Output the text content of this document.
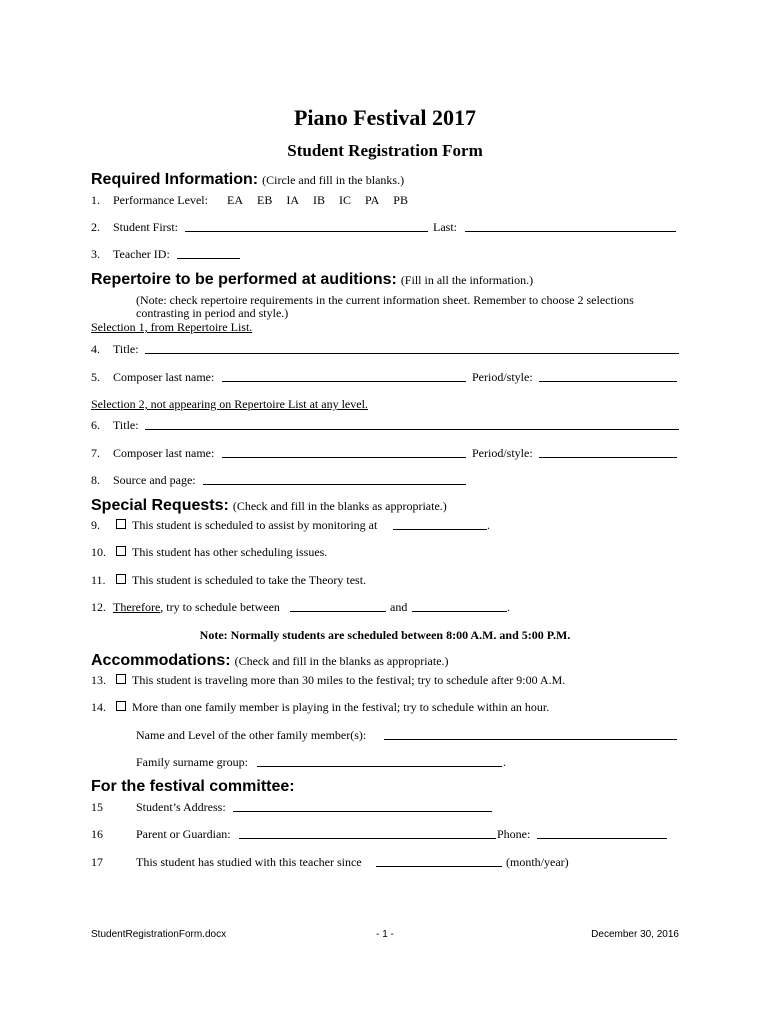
Piano Festival 2017
Student Registration Form
Required Information: (Circle and fill in the blanks.)
1. Performance Level: EA EB IA IB IC PA PB
2. Student First:	Last:
3. Teacher ID:
Repertoire to be performed at auditions: (Fill in all the information.)
(Note: check repertoire requirements in the current information sheet. Remember to choose 2 selections
contrasting in period and style.)
Selection 1, from Repertoire List.
4. Title:
5. Composer last name:	Period/style:
Selection 2, not appearing on Repertoire List at any level.
6. Title:
7. Composer last name:	Period/style:
8. Source and page:
Special Requests: (Check and fill in the blanks as appropriate.)
9.	This student is scheduled to assist by monitoring at	.
10.	This student has other scheduling issues.
11.	This student is scheduled to take the Theory test.
12. Therefore, try to schedule between	and	.
Note: Normally students are scheduled between 8:00 A.M. and 5:00 P.M.
Accommodations: (Check and fill in the blanks as appropriate.)
13.	This student is traveling more than 30 miles to the festival; try to schedule after 9:00 A.M.
14.	More than one family member is playing in the festival; try to schedule within an hour.
Name and Level of the other family member(s):
Family surname group:	.
For the festival committee:
15	Student’s Address:
16	Parent or Guardian:	Phone:
17	This student has studied with this teacher since	(month/year)
StudentRegistrationForm.docx	- 1 -	December 30, 2016
